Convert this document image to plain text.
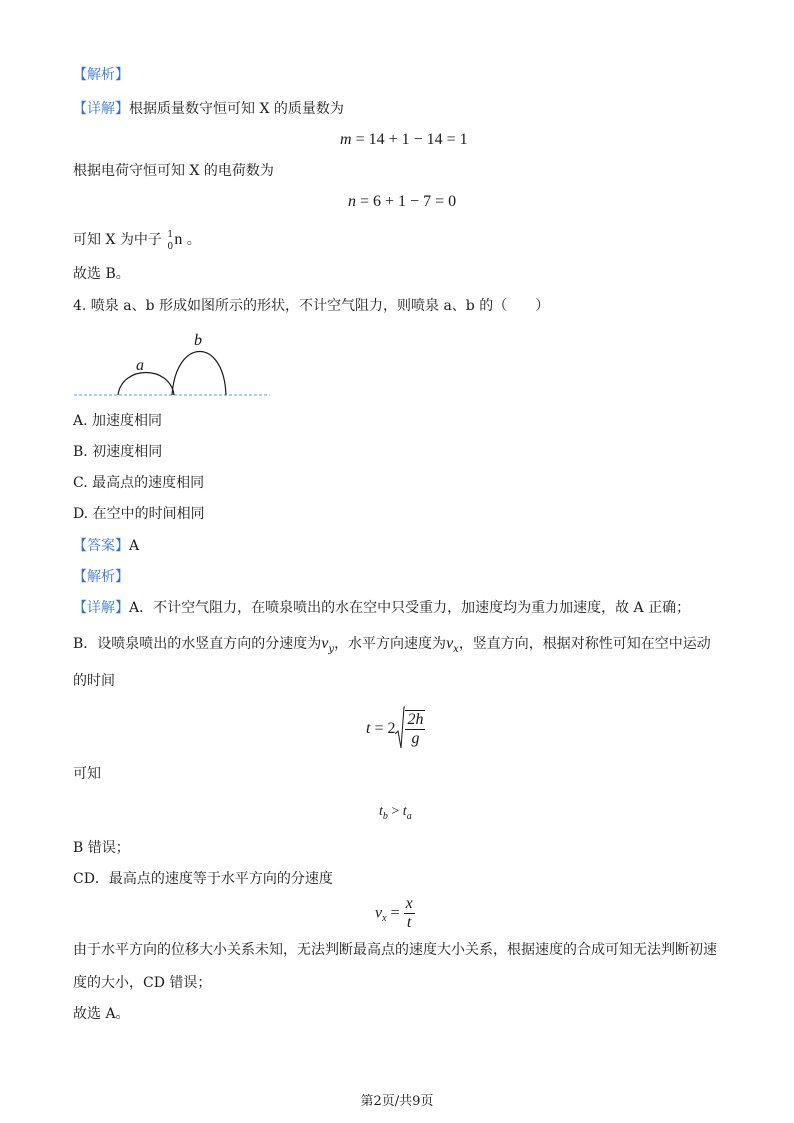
【解析】
【详解】根据质量数守恒可知 X 的质量数为
m = 14 + 1 − 14 = 1
根据电荷守恒可知 X 的电荷数为
n = 6 + 1 − 7 = 0
可知 X 为中子 1
0 n 。
故选 B。
4. 喷泉 a、b 形成如图所示的形状，不计空气阻力，则喷泉 a、b 的（　　）
a
b
A. 加速度相同
B. 初速度相同
C. 最高点的速度相同
D. 在空中的时间相同
【答案】A
【解析】
【详解】A．不计空气阻力，在喷泉喷出的水在空中只受重力，加速度均为重力加速度，故 A 正确；
B．设喷泉喷出的水竖直方向的分速度为$v_y$，水平方向速度为$v_x$，竖直方向，根据对称性可知在空中运动
的时间
$t = 2 \frac{2h}{g}$
可知
$t_b > t_a$
B 错误；
CD．最高点的速度等于水平方向的分速度
$v_x = \frac{x}{t}$
由于水平方向的位移大小关系未知，无法判断最高点的速度大小关系，根据速度的合成可知无法判断初速
度的大小，CD 错误；
故选 A。
第2页/共9页
